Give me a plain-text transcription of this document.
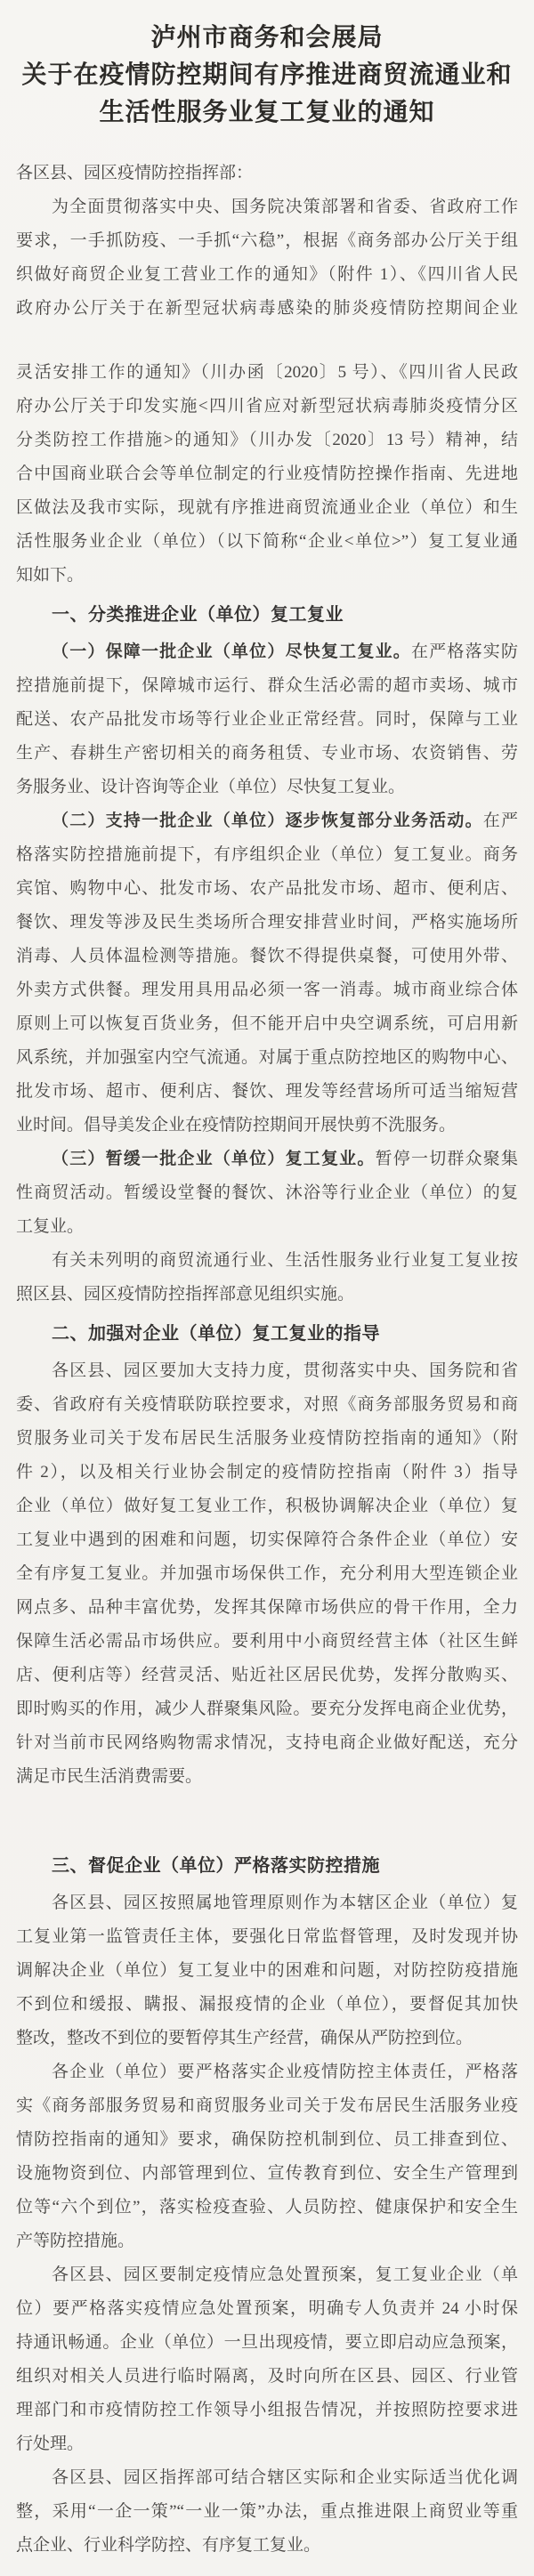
泸州市商务和会展局
关于在疫情防控期间有序推进商贸流通业和
生活性服务业复工复业的通知
各区县、园区疫情防控指挥部：
为全面贯彻落实中央、国务院决策部署和省委、省政府工作
要求，一手抓防疫、一手抓“六稳”，根据《商务部办公厅关于组
织做好商贸企业复工营业工作的通知》（附件 1）、《四川省人民
政府办公厅关于在新型冠状病毒感染的肺炎疫情防控期间企业
灵活安排工作的通知》（川办函〔2020〕5 号）、《四川省人民政
府办公厅关于印发实施<四川省应对新型冠状病毒肺炎疫情分区
分类防控工作措施>的通知》（川办发〔2020〕13 号）精神，结
合中国商业联合会等单位制定的行业疫情防控操作指南、先进地
区做法及我市实际，现就有序推进商贸流通业企业（单位）和生
活性服务业企业（单位）（以下简称“企业<单位>”）复工复业通
知如下。
一、分类推进企业（单位）复工复业
（一）保障一批企业（单位）尽快复工复业。在严格落实防
控措施前提下，保障城市运行、群众生活必需的超市卖场、城市
配送、农产品批发市场等行业企业正常经营。同时，保障与工业
生产、春耕生产密切相关的商务租赁、专业市场、农资销售、劳
务服务业、设计咨询等企业（单位）尽快复工复业。
（二）支持一批企业（单位）逐步恢复部分业务活动。在严
格落实防控措施前提下，有序组织企业（单位）复工复业。商务
宾馆、购物中心、批发市场、农产品批发市场、超市、便利店、
餐饮、理发等涉及民生类场所合理安排营业时间，严格实施场所
消毒、人员体温检测等措施。餐饮不得提供桌餐，可使用外带、
外卖方式供餐。理发用具用品必须一客一消毒。城市商业综合体
原则上可以恢复百货业务，但不能开启中央空调系统，可启用新
风系统，并加强室内空气流通。对属于重点防控地区的购物中心、
批发市场、超市、便利店、餐饮、理发等经营场所可适当缩短营
业时间。倡导美发企业在疫情防控期间开展快剪不洗服务。
（三）暂缓一批企业（单位）复工复业。暂停一切群众聚集
性商贸活动。暂缓设堂餐的餐饮、沐浴等行业企业（单位）的复
工复业。
有关未列明的商贸流通行业、生活性服务业行业复工复业按
照区县、园区疫情防控指挥部意见组织实施。
二、加强对企业（单位）复工复业的指导
各区县、园区要加大支持力度，贯彻落实中央、国务院和省
委、省政府有关疫情联防联控要求，对照《商务部服务贸易和商
贸服务业司关于发布居民生活服务业疫情防控指南的通知》（附
件 2），以及相关行业协会制定的疫情防控指南（附件 3）指导
企业（单位）做好复工复业工作，积极协调解决企业（单位）复
工复业中遇到的困难和问题，切实保障符合条件企业（单位）安
全有序复工复业。并加强市场保供工作，充分利用大型连锁企业
网点多、品种丰富优势，发挥其保障市场供应的骨干作用，全力
保障生活必需品市场供应。要利用中小商贸经营主体（社区生鲜
店、便利店等）经营灵活、贴近社区居民优势，发挥分散购买、
即时购买的作用，减少人群聚集风险。要充分发挥电商企业优势，
针对当前市民网络购物需求情况，支持电商企业做好配送，充分
满足市民生活消费需要。
三、督促企业（单位）严格落实防控措施
各区县、园区按照属地管理原则作为本辖区企业（单位）复
工复业第一监管责任主体，要强化日常监督管理，及时发现并协
调解决企业（单位）复工复业中的困难和问题，对防控防疫措施
不到位和缓报、瞒报、漏报疫情的企业（单位），要督促其加快
整改，整改不到位的要暂停其生产经营，确保从严防控到位。
各企业（单位）要严格落实企业疫情防控主体责任，严格落
实《商务部服务贸易和商贸服务业司关于发布居民生活服务业疫
情防控指南的通知》要求，确保防控机制到位、员工排查到位、
设施物资到位、内部管理到位、宣传教育到位、安全生产管理到
位等“六个到位”，落实检疫查验、人员防控、健康保护和安全生
产等防控措施。
各区县、园区要制定疫情应急处置预案，复工复业企业（单
位）要严格落实疫情应急处置预案，明确专人负责并 24 小时保
持通讯畅通。企业（单位）一旦出现疫情，要立即启动应急预案，
组织对相关人员进行临时隔离，及时向所在区县、园区、行业管
理部门和市疫情防控工作领导小组报告情况，并按照防控要求进
行处理。
各区县、园区指挥部可结合辖区实际和企业实际适当优化调
整，采用“一企一策”“一业一策”办法，重点推进限上商贸业等重
点企业、行业科学防控、有序复工复业。
